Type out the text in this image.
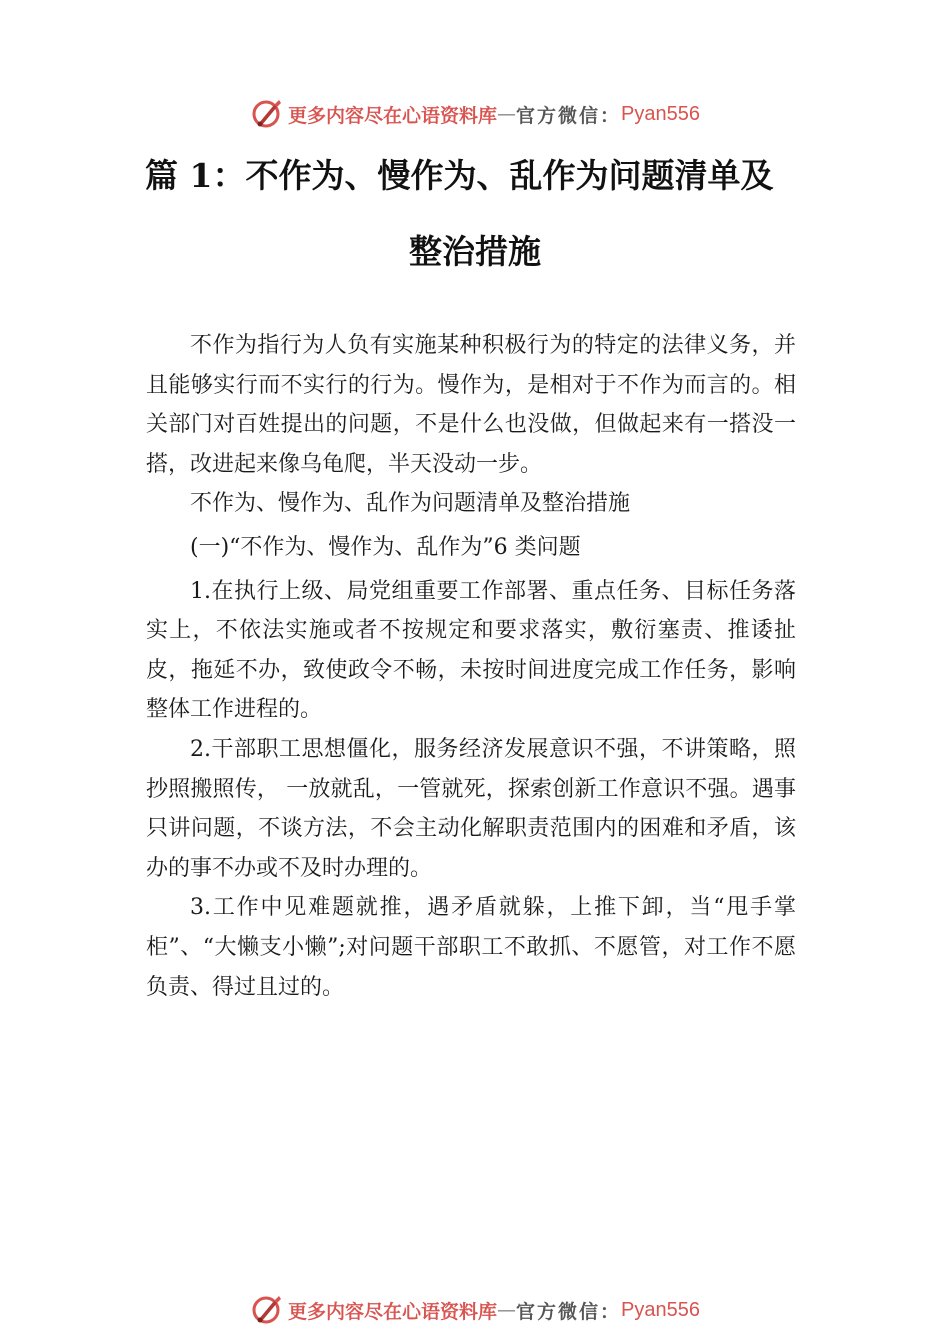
更多内容尽在心语资料库 — 官方微信： Pyan556
篇 1：不作为、慢作为、乱作为问题清单及
整治措施

不作为指行为人负有实施某种积极行为的特定的法律义务，并且能够实行而不实行的行为。慢作为，是相对于不作为而言的。相关部门对百姓提出的问题，不是什么也没做，但做起来有一搭没一搭，改进起来像乌龟爬，半天没动一步。

不作为、慢作为、乱作为问题清单及整治措施

(一)“不作为、慢作为、乱作为”6 类问题

1.在执行上级、局党组重要工作部署、重点任务、目标任务落实上，不依法实施或者不按规定和要求落实，敷衍塞责、推诿扯皮，拖延不办，致使政令不畅，未按时间进度完成工作任务，影响整体工作进程的。

2.干部职工思想僵化，服务经济发展意识不强，不讲策略，照抄照搬照传， 一放就乱，一管就死，探索创新工作意识不强。遇事只讲问题，不谈方法，不会主动化解职责范围内的困难和矛盾，该办的事不办或不及时办理的。

3.工作中见难题就推，遇矛盾就躲，上推下卸，当“甩手掌柜”、“大懒支小懒”;对问题干部职工不敢抓、不愿管，对工作不愿负责、得过且过的。

更多内容尽在心语资料库 — 官方微信： Pyan556
